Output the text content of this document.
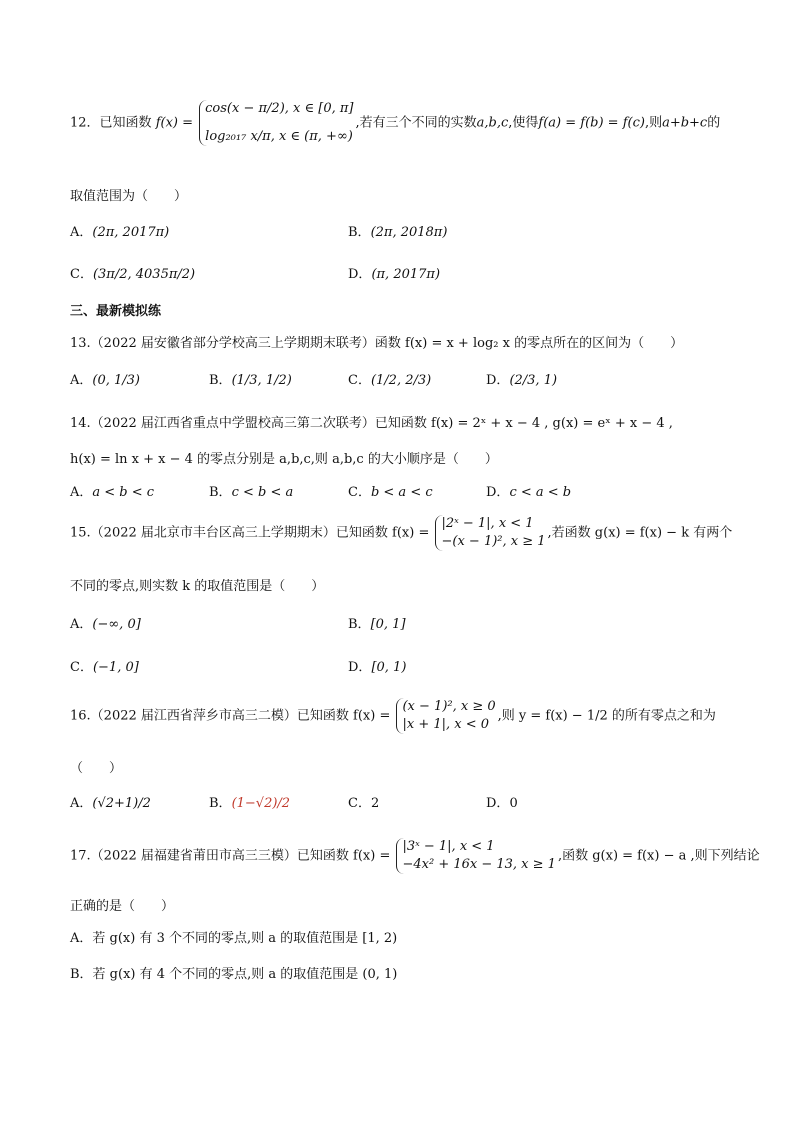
12．已知函数 f(x) =
cos(x − π/2), x ∈ [0, π]
log₂₀₁₇ x/π, x ∈ (π, +∞)
,若有三个不同的实数a,b,c,使得f(a) = f(b) = f(c),则a+b+c的
取值范围为（　　）
A．(2π, 2017π)	B．(2π, 2018π)
C．(3π/2, 4035π/2)	D．(π, 2017π)
三、最新模拟练
13.（2022 届安徽省部分学校高三上学期期末联考）函数 f(x) = x + log₂ x 的零点所在的区间为（　　）
A．(0, 1/3)	B．(1/3, 1/2)	C．(1/2, 2/3)	D．(2/3, 1)
14.（2022 届江西省重点中学盟校高三第二次联考）已知函数 f(x) = 2ˣ + x − 4 , g(x) = eˣ + x − 4 ,
h(x) = ln x + x − 4 的零点分别是 a,b,c,则 a,b,c 的大小顺序是（　　）
A．a < b < c	B．c < b < a	C．b < a < c	D．c < a < b
15.（2022 届北京市丰台区高三上学期期末）已知函数 f(x) =
|2ˣ − 1|, x < 1
−(x − 1)², x ≥ 1
,若函数 g(x) = f(x) − k 有两个
不同的零点,则实数 k 的取值范围是（　　）
A．(−∞, 0]	B．[0, 1]
C．(−1, 0]	D．[0, 1)
16.（2022 届江西省萍乡市高三二模）已知函数 f(x) =
(x − 1)², x ≥ 0
|x + 1|, x < 0
,则 y = f(x) − 1/2 的所有零点之和为
（　　）
A．(√2+1)/2	B．(1−√2)/2	C．2	D．0
17.（2022 届福建省莆田市高三三模）已知函数 f(x) =
|3ˣ − 1|, x < 1
−4x² + 16x − 13, x ≥ 1
,函数 g(x) = f(x) − a ,则下列结论
正确的是（　　）
A．若 g(x) 有 3 个不同的零点,则 a 的取值范围是 [1, 2)
B．若 g(x) 有 4 个不同的零点,则 a 的取值范围是 (0, 1)
